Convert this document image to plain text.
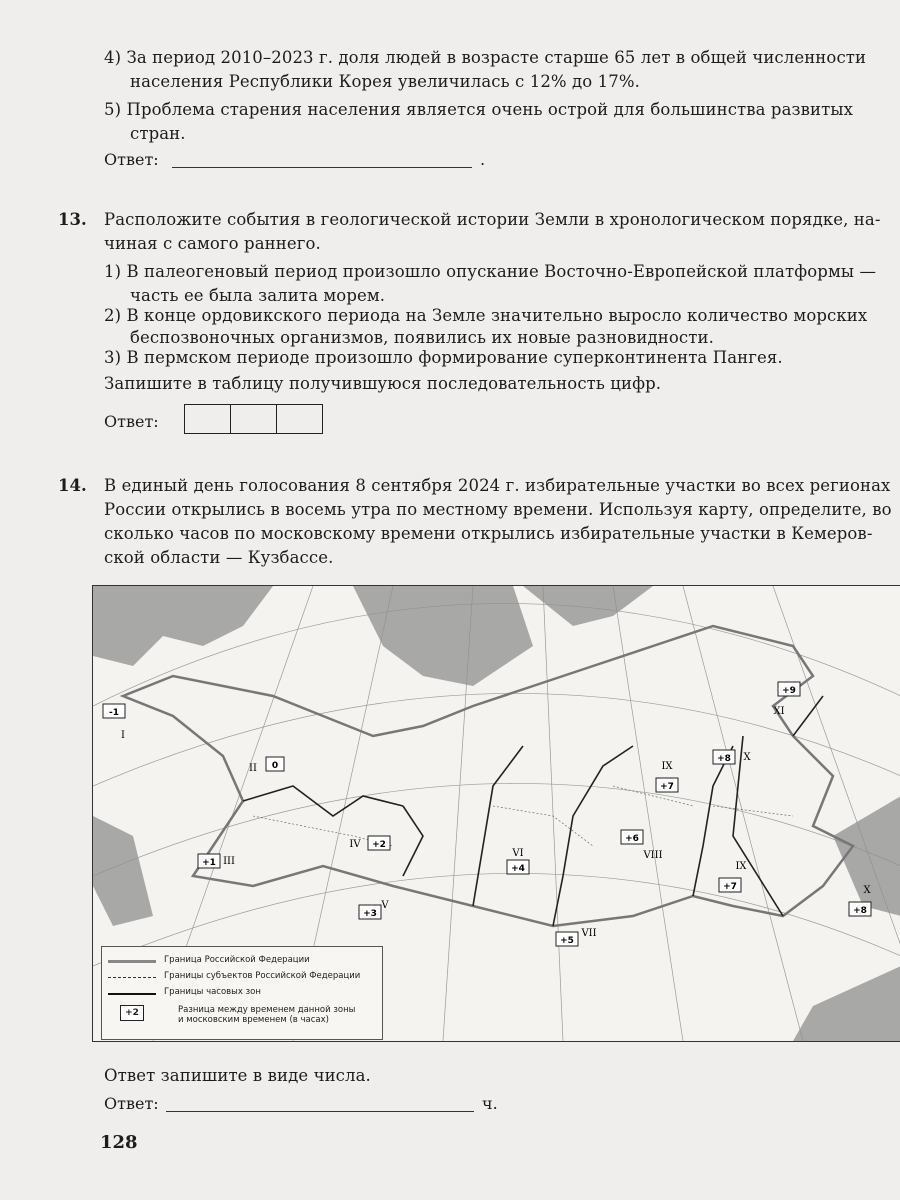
4) За период 2010–2023 г. доля людей в возрасте старше 65 лет в общей численности
населения Республики Корея увеличилась с 12% до 17%.
5) Проблема старения населения является очень острой для большинства развитых
стран.
Ответ:	.
13. Расположите события в геологической истории Земли в хронологическом порядке, на-
чиная с самого раннего.
1) В палеогеновый период произошло опускание Восточно-Европейской платформы —
часть ее была залита морем.
2) В конце ордовикского периода на Земле значительно выросло количество морских
беспозвоночных организмов, появились их новые разновидности.
3) В пермском периоде произошло формирование суперконтинента Пангея.
Запишите в таблицу получившуюся последовательность цифр.
Ответ:
14. В единый день голосования 8 сентября 2024 г. избирательные участки во всех регионах
России открылись в восемь утра по местному времени. Используя карту, определите, во
сколько часов по московскому времени открылись избирательные участки в Кемеров-
ской области — Кузбассе.
-1
0
+1
+2
+3
+4
+5
+6
+7
+8
+9
+7
+8
I
II
III
IV
V
VI
VII
VIII
IX
X
XI
IX
X
Граница Российской Федерации
Границы субъектов Российской Федерации
Границы часовых зон
+2	Разница между временем данной зоны
и московским временем (в часах)
Ответ запишите в виде числа.
Ответ:	ч.
128
